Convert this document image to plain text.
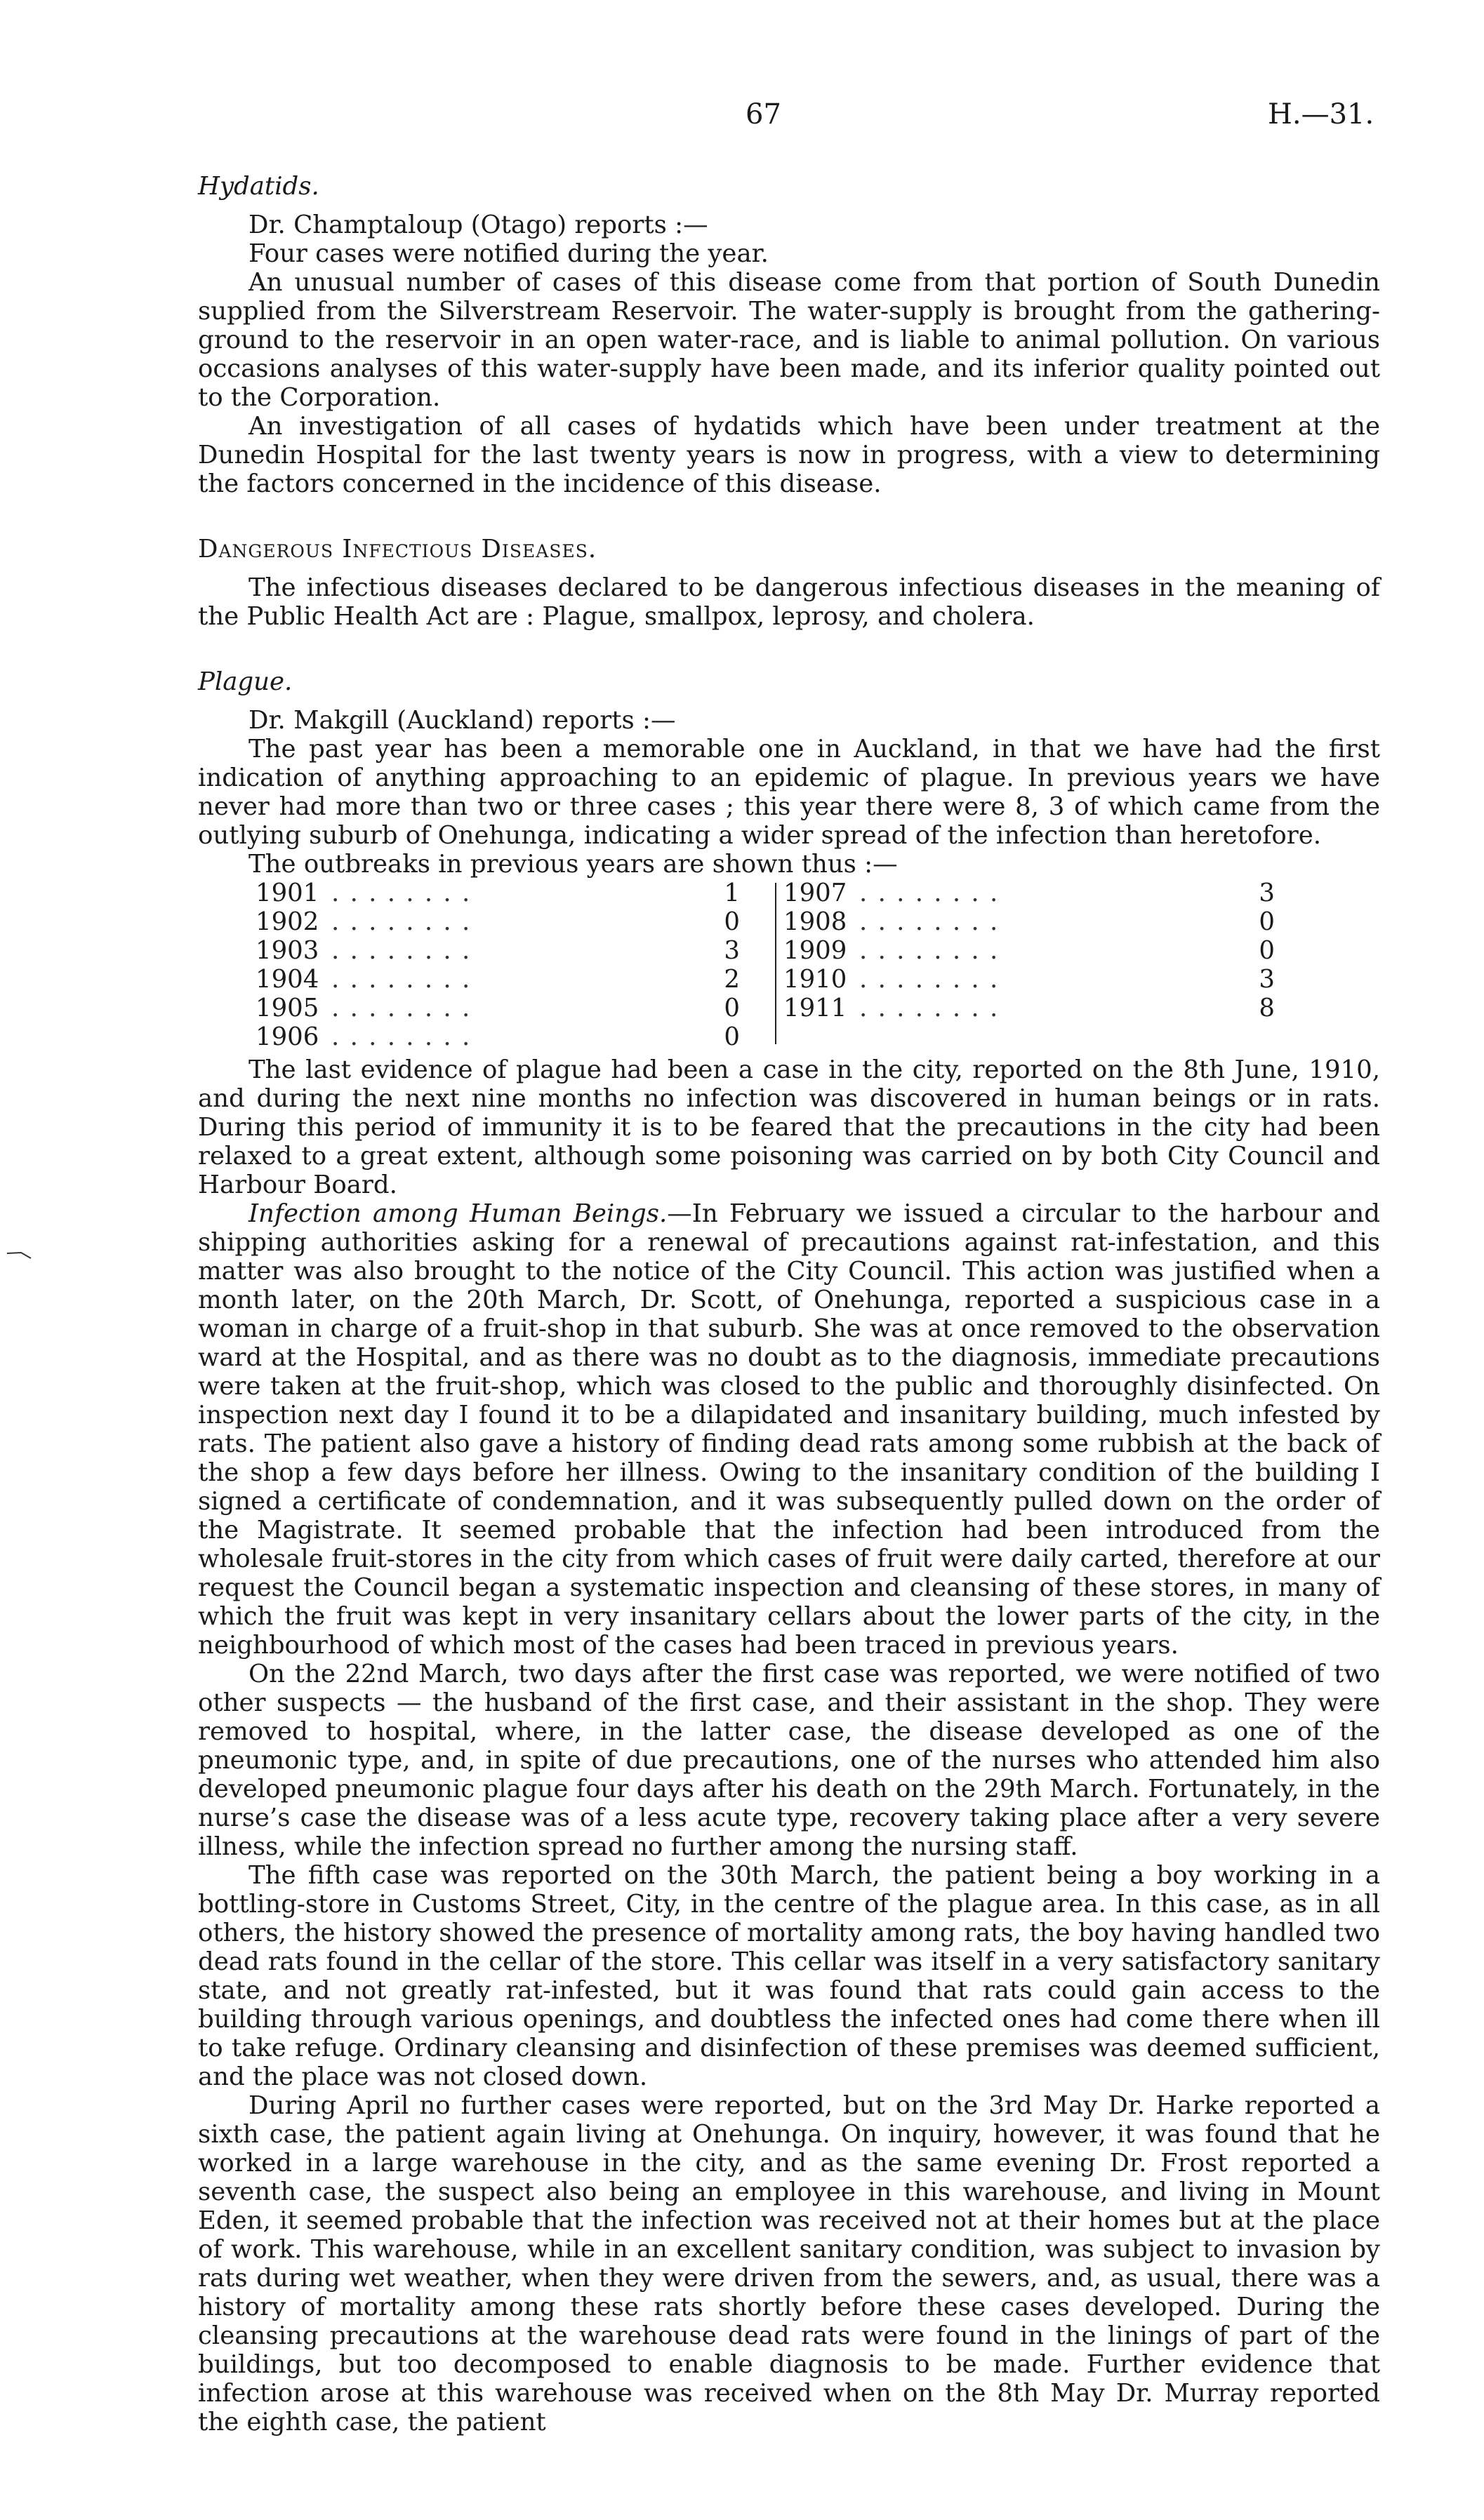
67	H.—31.

Hydatids.

Dr. Champtaloup (Otago) reports :—

Four cases were notified during the year.

An unusual number of cases of this disease come from that portion of South Dunedin supplied from the Silverstream Reservoir. The water-supply is brought from the gathering-ground to the reservoir in an open water-race, and is liable to animal pollution. On various occasions analyses of this water-supply have been made, and its inferior quality pointed out to the Corporation.

An investigation of all cases of hydatids which have been under treatment at the Dunedin Hospital for the last twenty years is now in progress, with a view to determining the factors concerned in the incidence of this disease.

Dangerous Infectious Diseases.

The infectious diseases declared to be dangerous infectious diseases in the meaning of the Public Health Act are : Plague, smallpox, leprosy, and cholera.

Plague.

Dr. Makgill (Auckland) reports :—

The past year has been a memorable one in Auckland, in that we have had the first indication of anything approaching to an epidemic of plague. In previous years we have never had more than two or three cases ; this year there were 8, 3 of which came from the outlying suburb of Onehunga, indicating a wider spread of the infection than heretofore.

The outbreaks in previous years are shown thus :—

1901 . . . . . . . .	1
1902 . . . . . . . .	0
1903 . . . . . . . .	3
1904 . . . . . . . .	2
1905 . . . . . . . .	0
1906 . . . . . . . .	0
1907 . . . . . . . .	3
1908 . . . . . . . .	0
1909 . . . . . . . .	0
1910 . . . . . . . .	3
1911 . . . . . . . .	8

The last evidence of plague had been a case in the city, reported on the 8th June, 1910, and during the next nine months no infection was discovered in human beings or in rats. During this period of immunity it is to be feared that the precautions in the city had been relaxed to a great extent, although some poisoning was carried on by both City Council and Harbour Board.

Infection among Human Beings.—In February we issued a circular to the harbour and shipping authorities asking for a renewal of precautions against rat-infestation, and this matter was also brought to the notice of the City Council. This action was justified when a month later, on the 20th March, Dr. Scott, of Onehunga, reported a suspicious case in a woman in charge of a fruit-shop in that suburb. She was at once removed to the observation ward at the Hospital, and as there was no doubt as to the diagnosis, immediate precautions were taken at the fruit-shop, which was closed to the public and thoroughly disinfected. On inspection next day I found it to be a dilapidated and insanitary building, much infested by rats. The patient also gave a history of finding dead rats among some rubbish at the back of the shop a few days before her illness. Owing to the insanitary condition of the building I signed a certificate of condemnation, and it was subsequently pulled down on the order of the Magistrate. It seemed probable that the infection had been introduced from the wholesale fruit-stores in the city from which cases of fruit were daily carted, therefore at our request the Council began a systematic inspection and cleansing of these stores, in many of which the fruit was kept in very insanitary cellars about the lower parts of the city, in the neighbourhood of which most of the cases had been traced in previous years.

On the 22nd March, two days after the first case was reported, we were notified of two other suspects — the husband of the first case, and their assistant in the shop. They were removed to hospital, where, in the latter case, the disease developed as one of the pneumonic type, and, in spite of due precautions, one of the nurses who attended him also developed pneumonic plague four days after his death on the 29th March. Fortunately, in the nurse’s case the disease was of a less acute type, recovery taking place after a very severe illness, while the infection spread no further among the nursing staff.

The fifth case was reported on the 30th March, the patient being a boy working in a bottling-store in Customs Street, City, in the centre of the plague area. In this case, as in all others, the history showed the presence of mortality among rats, the boy having handled two dead rats found in the cellar of the store. This cellar was itself in a very satisfactory sanitary state, and not greatly rat-infested, but it was found that rats could gain access to the building through various openings, and doubtless the infected ones had come there when ill to take refuge. Ordinary cleansing and disinfection of these premises was deemed sufficient, and the place was not closed down.

During April no further cases were reported, but on the 3rd May Dr. Harke reported a sixth case, the patient again living at Onehunga. On inquiry, however, it was found that he worked in a large warehouse in the city, and as the same evening Dr. Frost reported a seventh case, the suspect also being an employee in this warehouse, and living in Mount Eden, it seemed probable that the infection was received not at their homes but at the place of work. This warehouse, while in an excellent sanitary condition, was subject to invasion by rats during wet weather, when they were driven from the sewers, and, as usual, there was a history of mortality among these rats shortly before these cases developed. During the cleansing precautions at the warehouse dead rats were found in the linings of part of the buildings, but too decomposed to enable diagnosis to be made. Further evidence that infection arose at this warehouse was received when on the 8th May Dr. Murray reported the eighth case, the patient
